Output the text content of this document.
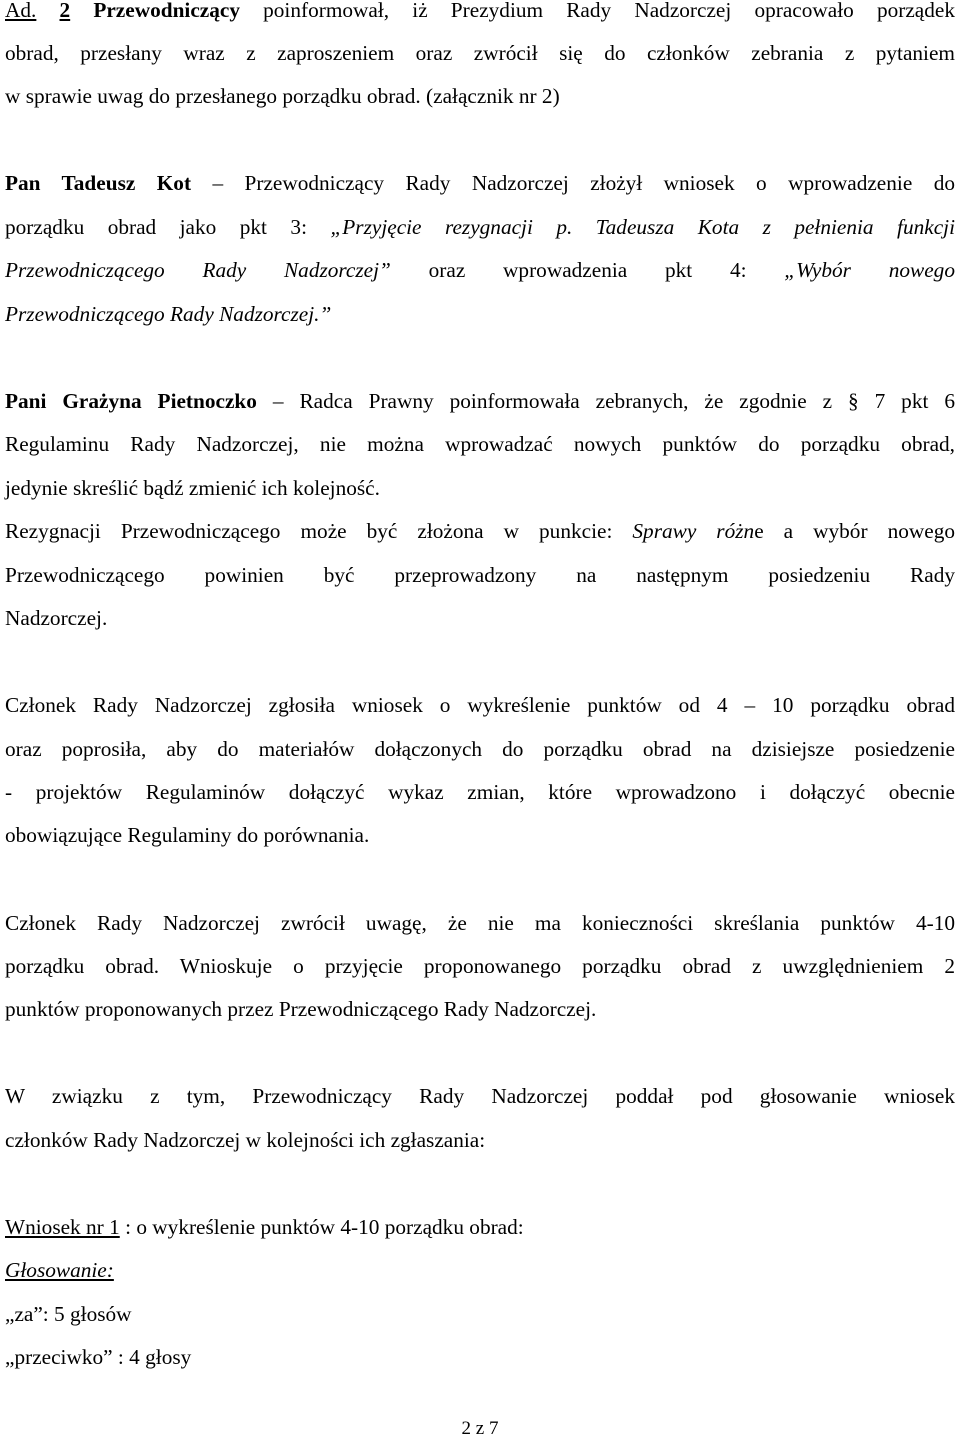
Ad. 2 Przewodniczący poinformował, iż Prezydium Rady Nadzorczej opracowało porządek
obrad, przesłany wraz z zaproszeniem oraz zwrócił się do członków zebrania z pytaniem
w sprawie uwag do przesłanego porządku obrad. (załącznik nr 2)
Pan Tadeusz Kot – Przewodniczący Rady Nadzorczej złożył wniosek o wprowadzenie do
porządku obrad jako pkt 3: „Przyjęcie rezygnacji p. Tadeusza Kota z pełnienia funkcji
Przewodniczącego Rady Nadzorczej” oraz wprowadzenia pkt 4: „Wybór nowego
Przewodniczącego Rady Nadzorczej.”
Pani Grażyna Pietnoczko – Radca Prawny poinformowała zebranych, że zgodnie z § 7 pkt 6
Regulaminu Rady Nadzorczej, nie można wprowadzać nowych punktów do porządku obrad,
jedynie skreślić bądź zmienić ich kolejność.
Rezygnacji Przewodniczącego może być złożona w punkcie: Sprawy różne a wybór nowego
Przewodniczącego powinien być przeprowadzony na następnym posiedzeniu Rady
Nadzorczej.
Członek Rady Nadzorczej zgłosiła wniosek o wykreślenie punktów od 4 – 10 porządku obrad
oraz poprosiła, aby do materiałów dołączonych do porządku obrad na dzisiejsze posiedzenie
- projektów Regulaminów dołączyć wykaz zmian, które wprowadzono i dołączyć obecnie
obowiązujące Regulaminy do porównania.
Członek Rady Nadzorczej zwrócił uwagę, że nie ma konieczności skreślania punktów 4-10
porządku obrad. Wnioskuje o przyjęcie proponowanego porządku obrad z uwzględnieniem 2
punktów proponowanych przez Przewodniczącego Rady Nadzorczej.
W związku z tym, Przewodniczący Rady Nadzorczej poddał pod głosowanie wniosek
członków Rady Nadzorczej w kolejności ich zgłaszania:
Wniosek nr 1 : o wykreślenie punktów 4-10 porządku obrad:
Głosowanie:
„za”: 5 głosów
„przeciwko” : 4 głosy
2 z 7
